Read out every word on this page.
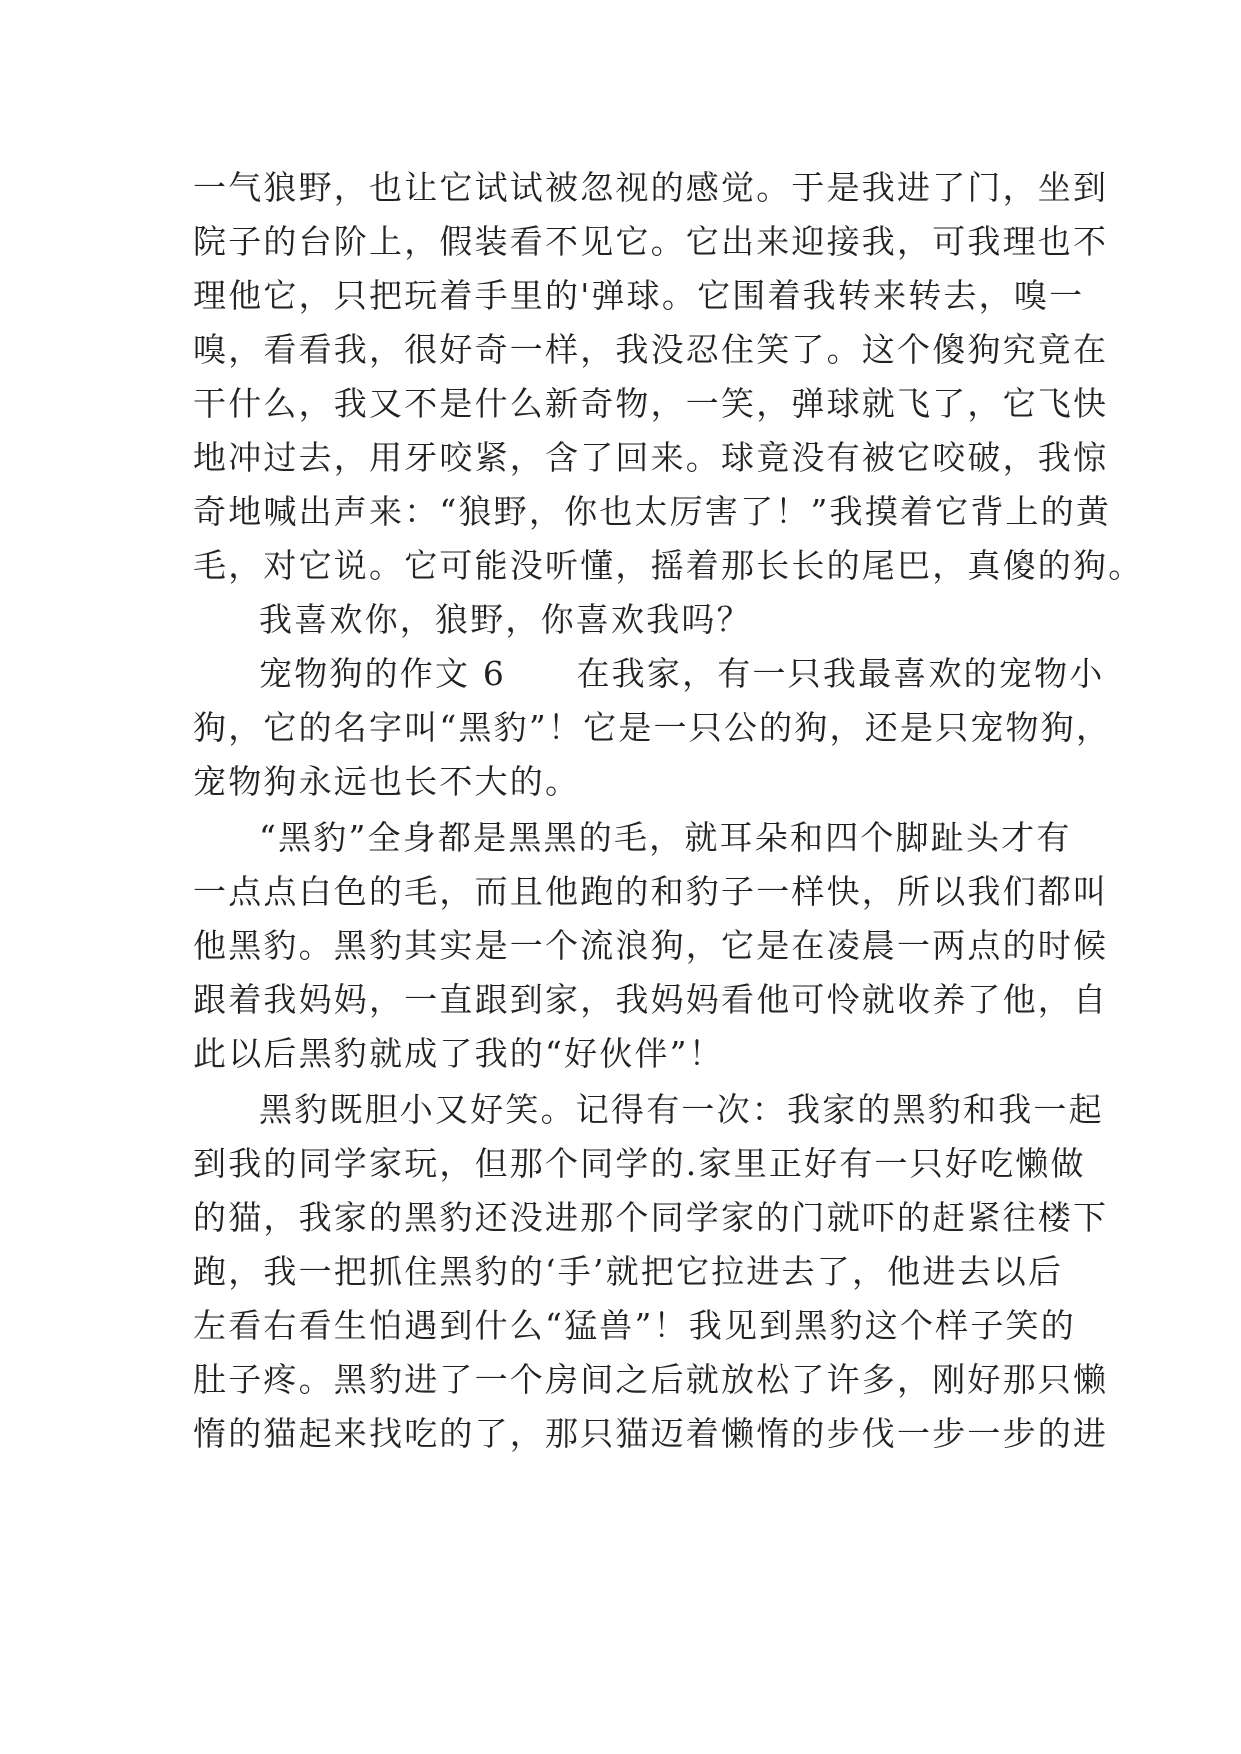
一气狼野，也让它试试被忽视的感觉。于是我进了门，坐到
院子的台阶上，假装看不见它。它出来迎接我，可我理也不
理他它，只把玩着手里的'弹球。它围着我转来转去，嗅一
嗅，看看我，很好奇一样，我没忍住笑了。这个傻狗究竟在
干什么，我又不是什么新奇物，一笑，弹球就飞了，它飞快
地冲过去，用牙咬紧，含了回来。球竟没有被它咬破，我惊
奇地喊出声来：“狼野，你也太厉害了！”我摸着它背上的黄
毛，对它说。它可能没听懂，摇着那长长的尾巴，真傻的狗。
我喜欢你，狼野，你喜欢我吗？
宠物狗的作文 6　　在我家，有一只我最喜欢的宠物小
狗，它的名字叫“黑豹”！它是一只公的狗，还是只宠物狗，
宠物狗永远也长不大的。
“黑豹”全身都是黑黑的毛，就耳朵和四个脚趾头才有
一点点白色的毛，而且他跑的和豹子一样快，所以我们都叫
他黑豹。黑豹其实是一个流浪狗，它是在凌晨一两点的时候
跟着我妈妈，一直跟到家，我妈妈看他可怜就收养了他，自
此以后黑豹就成了我的“好伙伴”！
黑豹既胆小又好笑。记得有一次：我家的黑豹和我一起
到我的同学家玩，但那个同学的.家里正好有一只好吃懒做
的猫，我家的黑豹还没进那个同学家的门就吓的赶紧往楼下
跑，我一把抓住黑豹的‘手’就把它拉进去了，他进去以后
左看右看生怕遇到什么“猛兽”！我见到黑豹这个样子笑的
肚子疼。黑豹进了一个房间之后就放松了许多，刚好那只懒
惰的猫起来找吃的了，那只猫迈着懒惰的步伐一步一步的进
